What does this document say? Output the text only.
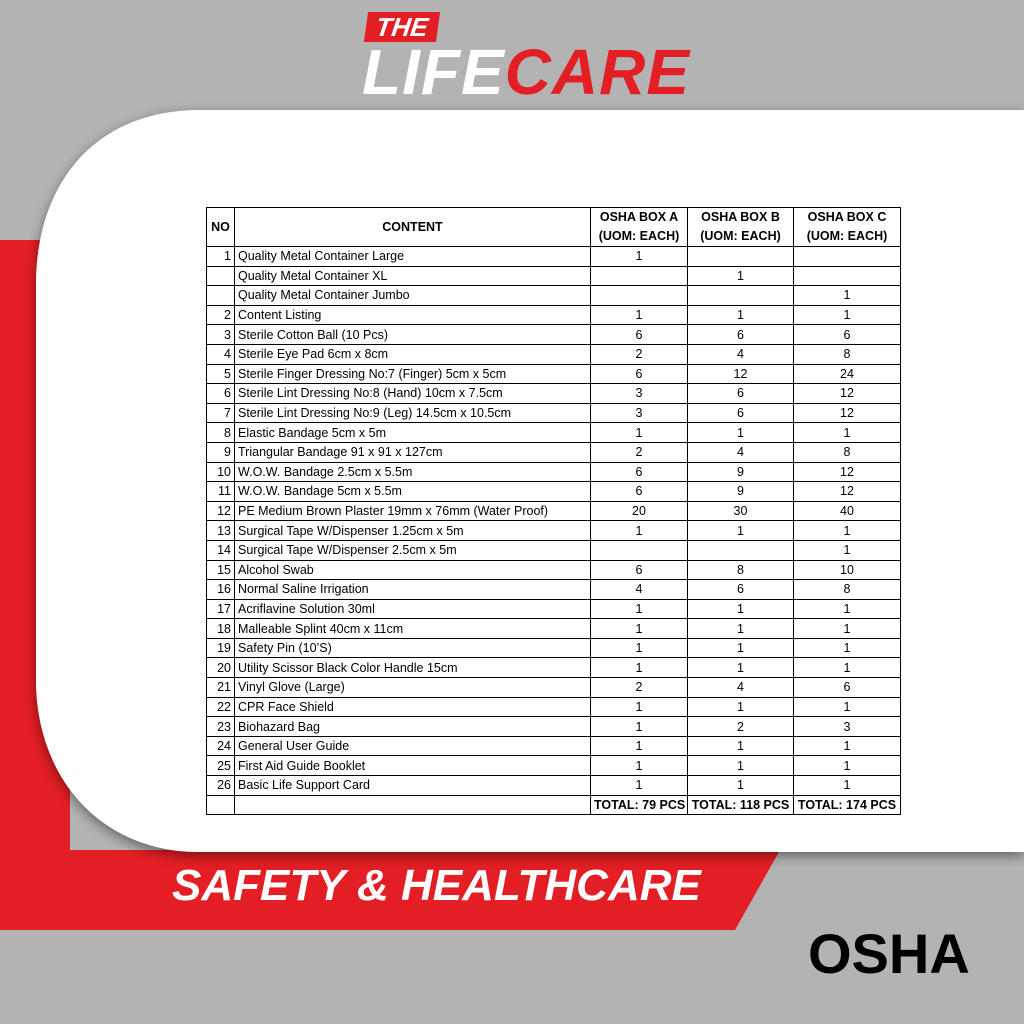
THE
LIFECARE
NO	CONTENT	OSHA BOX A (UOM: EACH)	OSHA BOX B (UOM: EACH)	OSHA BOX C (UOM: EACH)
1	Quality Metal Container Large	1		
	Quality Metal Container XL		1	
	Quality Metal Container Jumbo			1
2	Content Listing	1	1	1
3	Sterile Cotton Ball (10 Pcs)	6	6	6
4	Sterile Eye Pad 6cm x 8cm	2	4	8
5	Sterile Finger Dressing No:7 (Finger) 5cm x 5cm	6	12	24
6	Sterile Lint Dressing No:8 (Hand) 10cm x 7.5cm	3	6	12
7	Sterile Lint Dressing No:9 (Leg) 14.5cm x 10.5cm	3	6	12
8	Elastic Bandage 5cm x 5m	1	1	1
9	Triangular Bandage 91 x 91 x 127cm	2	4	8
10	W.O.W. Bandage 2.5cm x 5.5m	6	9	12
11	W.O.W. Bandage 5cm x 5.5m	6	9	12
12	PE Medium Brown Plaster 19mm x 76mm (Water Proof)	20	30	40
13	Surgical Tape W/Dispenser 1.25cm x 5m	1	1	1
14	Surgical Tape W/Dispenser 2.5cm x 5m			1
15	Alcohol Swab	6	8	10
16	Normal Saline Irrigation	4	6	8
17	Acriflavine Solution 30ml	1	1	1
18	Malleable Splint 40cm x 11cm	1	1	1
19	Safety Pin (10’S)	1	1	1
20	Utility Scissor Black Color Handle 15cm	1	1	1
21	Vinyl Glove (Large)	2	4	6
22	CPR Face Shield	1	1	1
23	Biohazard Bag	1	2	3
24	General User Guide	1	1	1
25	First Aid Guide Booklet	1	1	1
26	Basic Life Support Card	1	1	1
		TOTAL: 79 PCS	TOTAL: 118 PCS	TOTAL: 174 PCS
SAFETY & HEALTHCARE
OSHA
